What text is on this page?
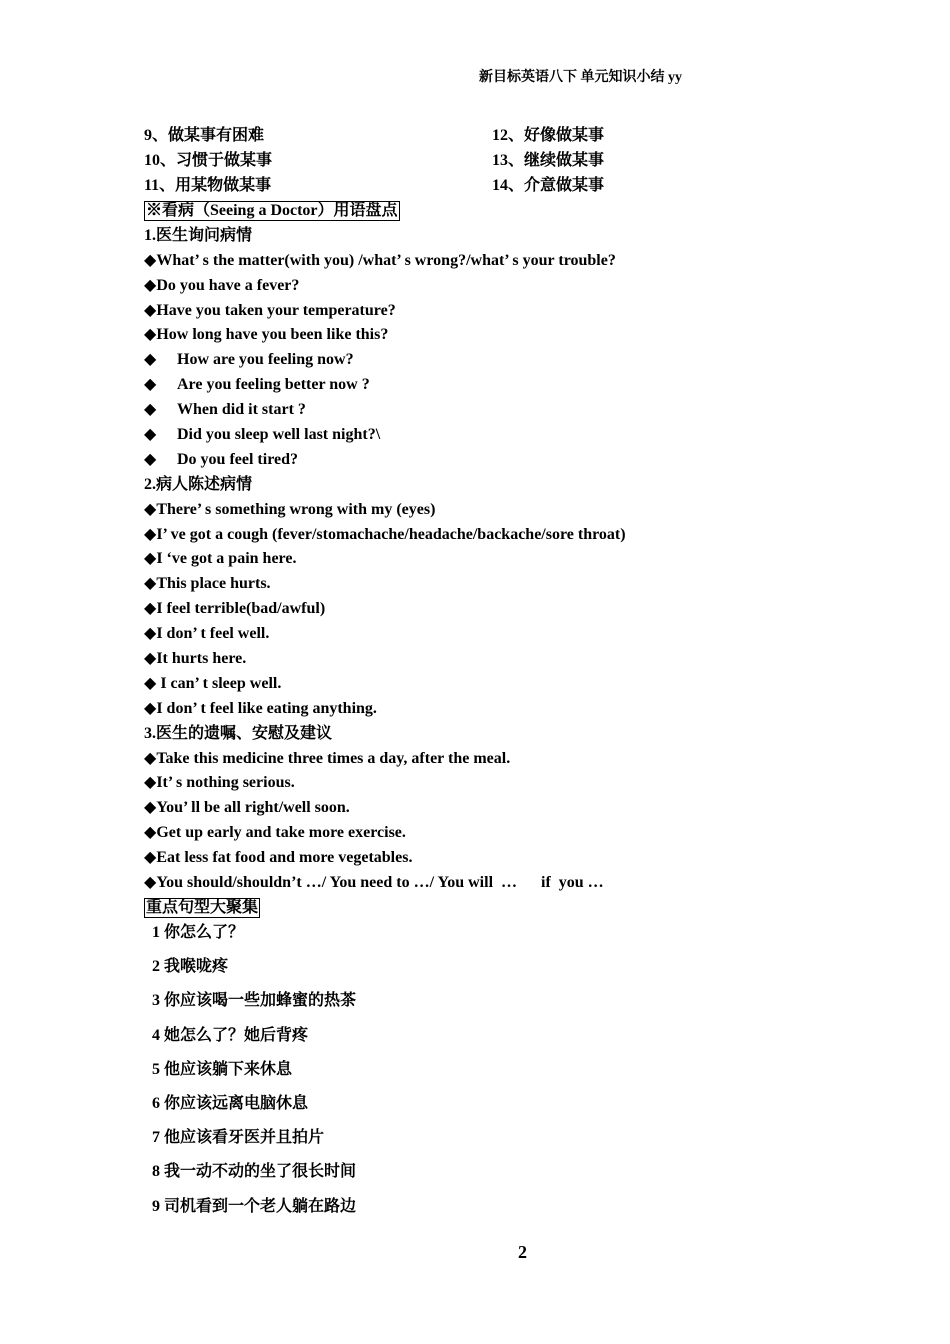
新目标英语八下 单元知识小结 yy
9、做某事有困难	12、好像做某事
10、习惯于做某事	13、继续做某事
11、用某物做某事	14、介意做某事
※看病（Seeing a Doctor）用语盘点
1.医生询问病情
◆What’ s the matter(with you) /what’ s wrong?/what’ s your trouble?
◆Do you have a fever?
◆Have you taken your temperature?
◆How long have you been like this?
◆ How are you feeling now?
◆ Are you feeling better now ?
◆ When did it start ?
◆ Did you sleep well last night?\
◆ Do you feel tired?
2.病人陈述病情
◆There’ s something wrong with my (eyes)
◆I’ ve got a cough (fever/stomachache/headache/backache/sore throat)
◆I ‘ve got a pain here.
◆This place hurts.
◆I feel terrible(bad/awful)
◆I don’ t feel well.
◆It hurts here.
◆ I can’ t sleep well.
◆I don’ t feel like eating anything.
3.医生的遗嘱、安慰及建议
◆Take this medicine three times a day, after the meal.
◆It’ s nothing serious.
◆You’ ll be all right/well soon.
◆Get up early and take more exercise.
◆Eat less fat food and more vegetables.
◆You should/shouldn’t …/ You need to …/ You will  …      if  you …
重点句型大聚集
1 你怎么了？
2 我喉咙疼
3 你应该喝一些加蜂蜜的热茶
4 她怎么了？她后背疼
5 他应该躺下来休息
6 你应该远离电脑休息
7 他应该看牙医并且拍片
8 我一动不动的坐了很长时间
9 司机看到一个老人躺在路边
2
